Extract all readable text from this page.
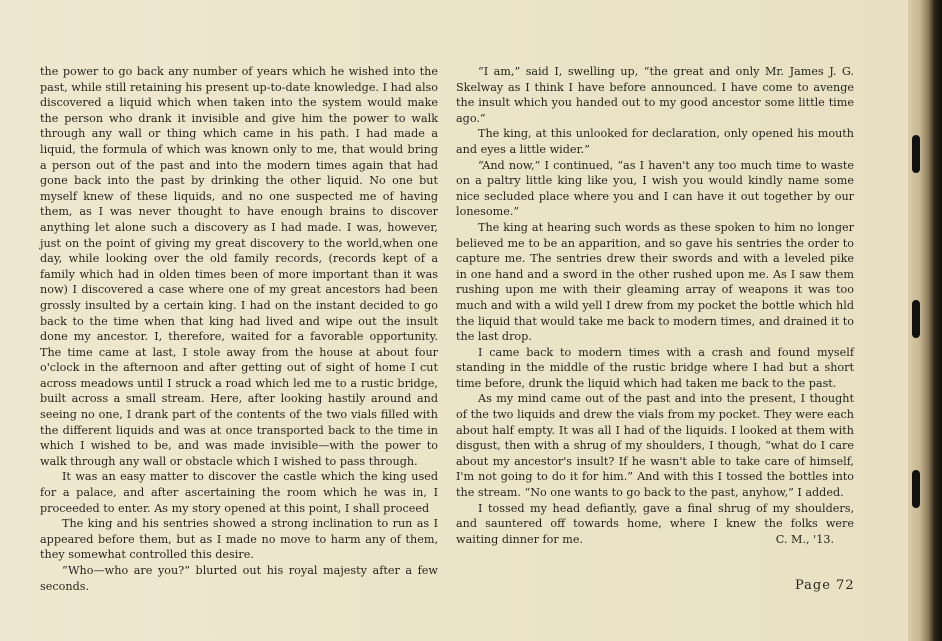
the power to go back any number of years which he wished into the past, while still retaining his present up-to-date knowledge. I had also discovered a liquid which when taken into the system would make the person who drank it invisible and give him the power to walk through any wall or thing which came in his path. I had made a liquid, the formula of which was known only to me, that would bring a person out of the past and into the modern times again that had gone back into the past by drinking the other liquid. No one but myself knew of these liquids, and no one suspected me of having them, as I was never thought to have enough brains to discover anything let alone such a discovery as I had made. I was, however, just on the point of giving my great discovery to the world,when one day, while looking over the old family records, (records kept of a family which had in olden times been of more important than it was now) I discovered a case where one of my great ancestors had been grossly insulted by a certain king. I had on the instant decided to go back to the time when that king had lived and wipe out the insult done my ancestor. I, therefore, waited for a favorable opportunity. The time came at last, I stole away from the house at about four o'clock in the afternoon and after getting out of sight of home I cut across meadows until I struck a road which led me to a rustic bridge, built across a small stream. Here, after looking hastily around and seeing no one, I drank part of the contents of the two vials filled with the different liquids and was at once transported back to the time in which I wished to be, and was made invisible—with the power to walk through any wall or obstacle which I wished to pass through.

It was an easy matter to discover the castle which the king used for a palace, and after ascertaining the room which he was in, I proceeded to enter. As my story opened at this point, I shall proceed

The king and his sentries showed a strong inclination to run as I appeared before them, but as I made no move to harm any of them, they somewhat controlled this desire.

“Who—who are you?” blurted out his royal majesty after a few seconds.

“I am,” said I, swelling up, “the great and only Mr. James J. G. Skelway as I think I have before announced. I have come to avenge the insult which you handed out to my good ancestor some little time ago.”

The king, at this unlooked for declaration, only opened his mouth and eyes a little wider.”

“And now,” I continued, “as I haven't any too much time to waste on a paltry little king like you, I wish you would kindly name some nice secluded place where you and I can have it out together by our lonesome.”

The king at hearing such words as these spoken to him no longer believed me to be an apparition, and so gave his sentries the order to capture me. The sentries drew their swords and with a leveled pike in one hand and a sword in the other rushed upon me. As I saw them rushing upon me with their gleaming array of weapons it was too much and with a wild yell I drew from my pocket the bottle which hld the liquid that would take me back to modern times, and drained it to the last drop.

I came back to modern times with a crash and found myself standing in the middle of the rustic bridge where I had but a short time before, drunk the liquid which had taken me back to the past.

As my mind came out of the past and into the present, I thought of the two liquids and drew the vials from my pocket. They were each about half empty. It was all I had of the liquids. I looked at them with disgust, then with a shrug of my shoulders, I though, “what do I care about my ancestor's insult? If he wasn't able to take care of himself, I'm not going to do it for him.” And with this I tossed the bottles into the stream. “No one wants to go back to the past, anyhow,” I added.

I tossed my head defiantly, gave a final shrug of my shoulders, and sauntered off towards home, where I knew the folks were waiting dinner for me.	C. M., '13.
Page 72
